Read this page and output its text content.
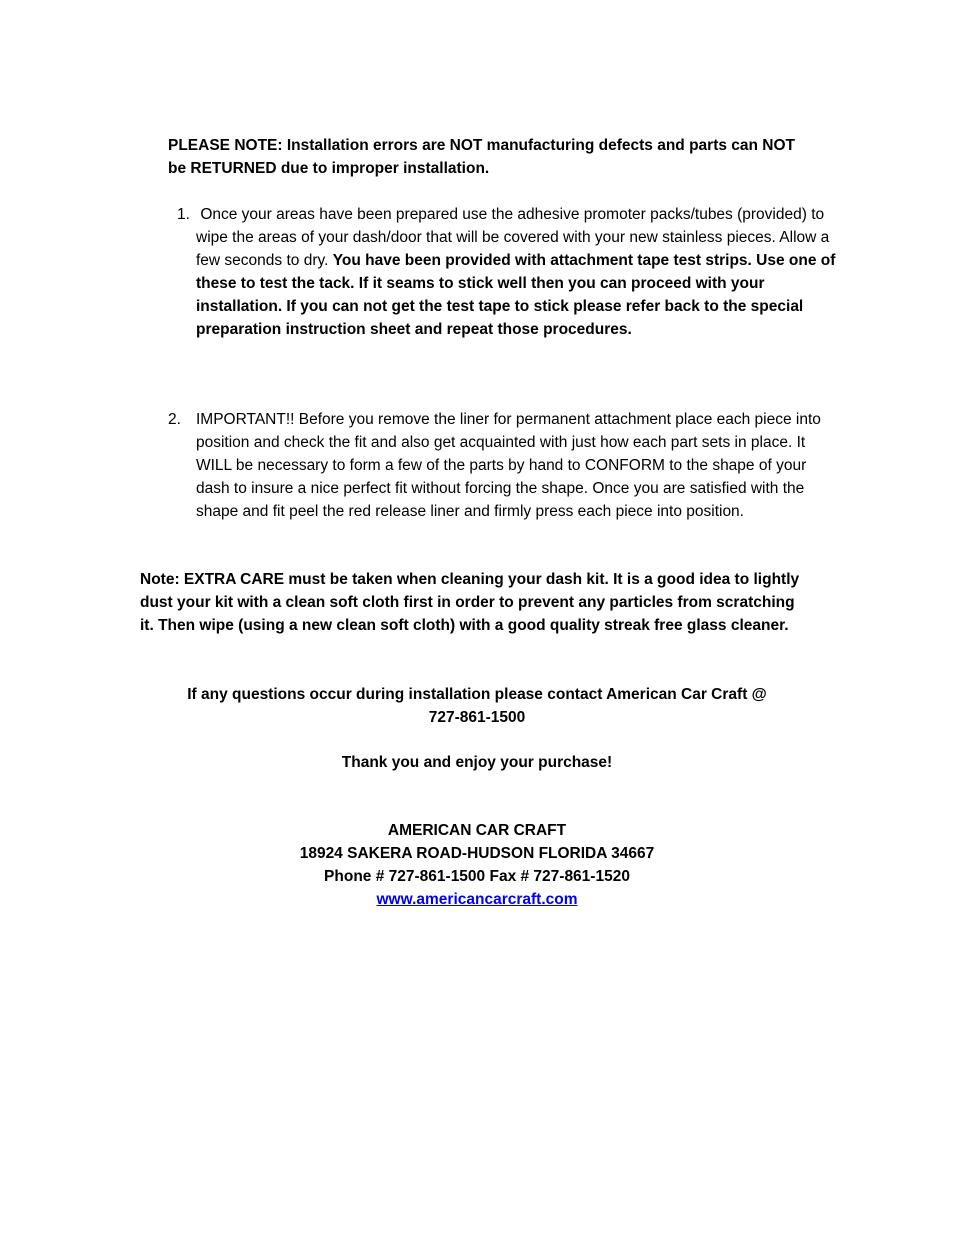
PLEASE NOTE: Installation errors are NOT manufacturing defects and parts can NOT be RETURNED due to improper installation.

1. Once your areas have been prepared use the adhesive promoter packs/tubes (provided) to wipe the areas of your dash/door that will be covered with your new stainless pieces. Allow a few seconds to dry. You have been provided with attachment tape test strips. Use one of these to test the tack. If it seams to stick well then you can proceed with your installation. If you can not get the test tape to stick please refer back to the special preparation instruction sheet and repeat those procedures.

2. IMPORTANT!! Before you remove the liner for permanent attachment place each piece into position and check the fit and also get acquainted with just how each part sets in place. It WILL be necessary to form a few of the parts by hand to CONFORM to the shape of your dash to insure a nice perfect fit without forcing the shape. Once you are satisfied with the shape and fit peel the red release liner and firmly press each piece into position.

Note: EXTRA CARE must be taken when cleaning your dash kit. It is a good idea to lightly dust your kit with a clean soft cloth first in order to prevent any particles from scratching it. Then wipe (using a new clean soft cloth) with a good quality streak free glass cleaner.

If any questions occur during installation please contact American Car Craft @
727-861-1500
Thank you and enjoy your purchase!
AMERICAN CAR CRAFT
18924 SAKERA ROAD-HUDSON FLORIDA 34667
Phone # 727-861-1500 Fax # 727-861-1520
www.americancarcraft.com
